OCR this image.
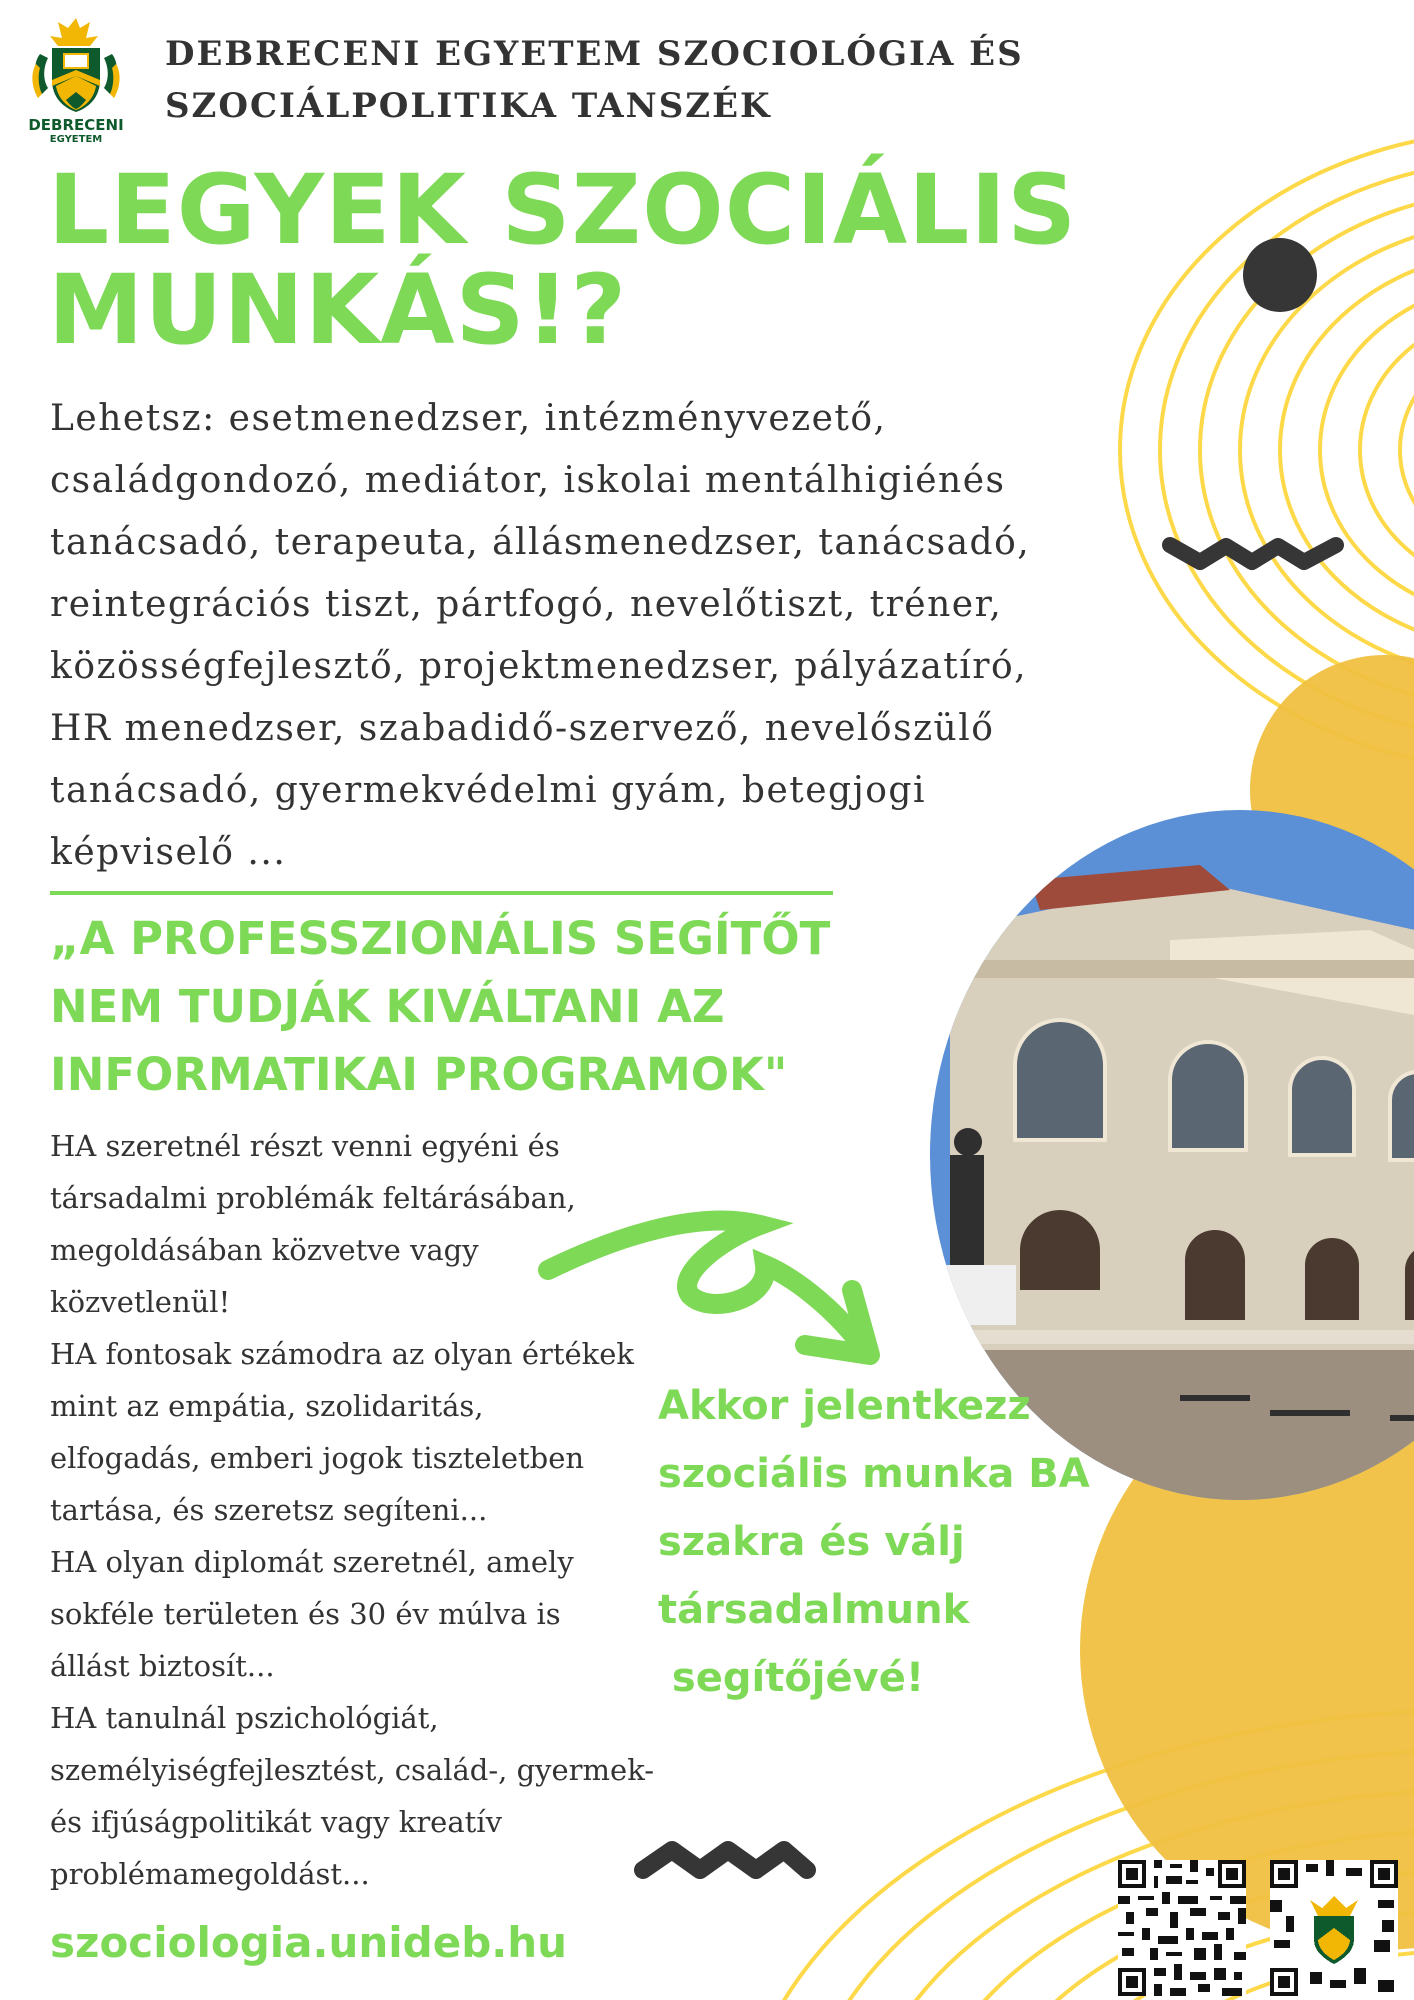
DEBRECENI
EGYETEM
DEBRECENI EGYETEM SZOCIOLÓGIA ÉS
SZOCIÁLPOLITIKA TANSZÉK
LEGYEK SZOCIÁLIS
MUNKÁS!?
Lehetsz: esetmenedzser, intézményvezető, családgondozó, mediátor, iskolai mentálhigiénés tanácsadó, terapeuta, állásmenedzser, tanácsadó, reintegrációs tiszt, pártfogó, nevelőtiszt, tréner, közösségfejlesztő, projektmenedzser, pályázatíró, HR menedzser, szabadidő-szervező, nevelőszülő tanácsadó, gyermekvédelmi gyám, betegjogi képviselő ...
„A PROFESSZIONÁLIS SEGÍTŐT
NEM TUDJÁK KIVÁLTANI AZ
INFORMATIKAI PROGRAMOK"
HA szeretnél részt venni egyéni és
társadalmi problémák feltárásában,
megoldásában közvetve vagy
közvetlenül!
HA fontosak számodra az olyan értékek
mint az empátia, szolidaritás,
elfogadás, emberi jogok tiszteletben
tartása, és szeretsz segíteni...
HA olyan diplomát szeretnél, amely
sokféle területen és 30 év múlva is
állást biztosít...
HA tanulnál pszichológiát,
személyiségfejlesztést, család-, gyermek-
és ifjúságpolitikát vagy kreatív
problémamegoldást...
Akkor jelentkezz
szociális munka BA
szakra és válj
társadalmunk
segítőjévé!
szociologia.unideb.hu
